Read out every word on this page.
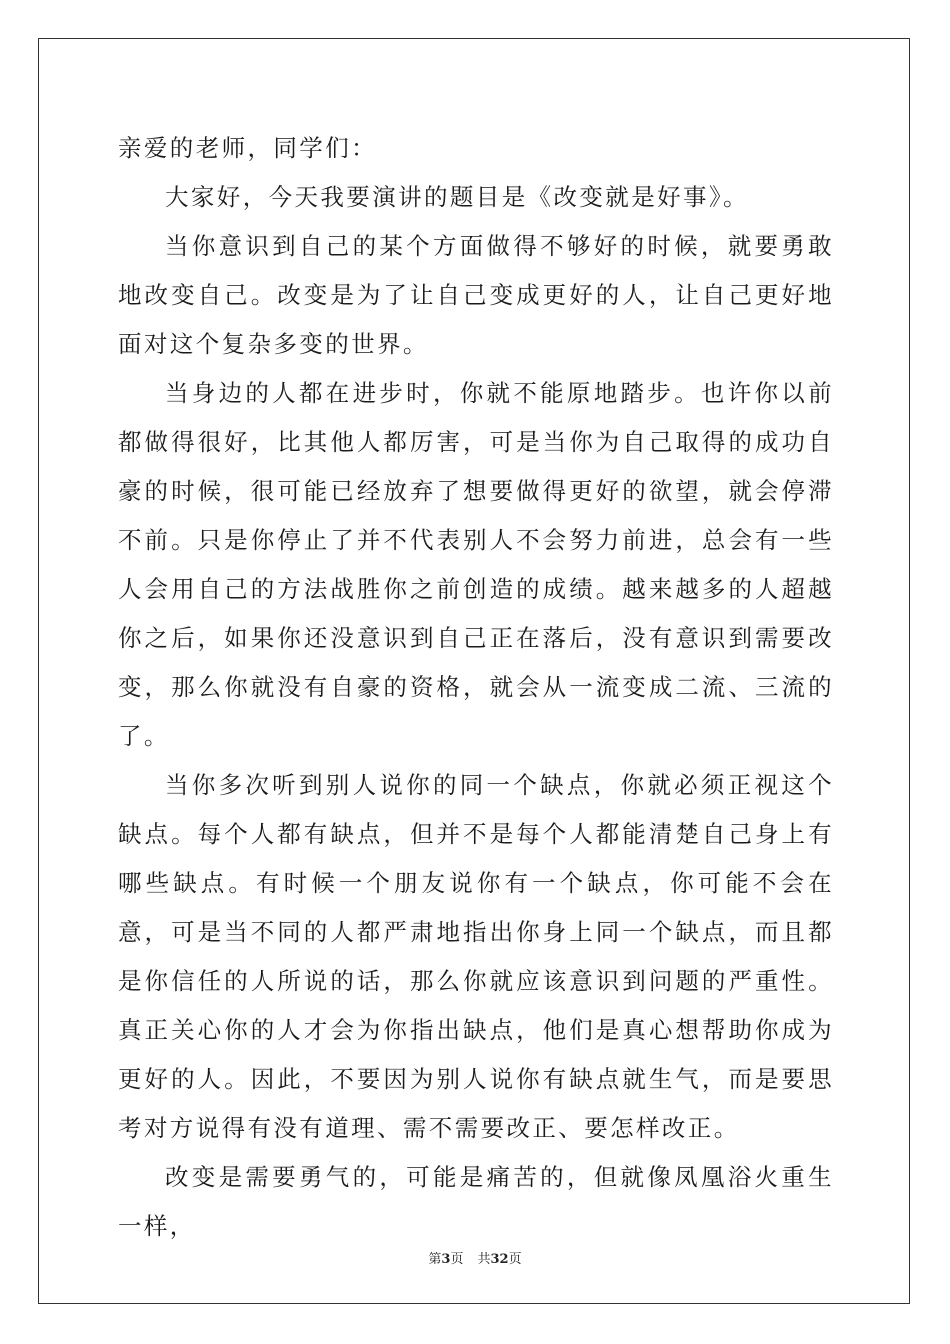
亲爱的老师，同学们：

大家好，今天我要演讲的题目是《改变就是好事》。

当你意识到自己的某个方面做得不够好的时候，就要勇敢地改变自己。改变是为了让自己变成更好的人，让自己更好地面对这个复杂多变的世界。

当身边的人都在进步时，你就不能原地踏步。也许你以前都做得很好，比其他人都厉害，可是当你为自己取得的成功自豪的时候，很可能已经放弃了想要做得更好的欲望，就会停滞不前。只是你停止了并不代表别人不会努力前进，总会有一些人会用自己的方法战胜你之前创造的成绩。越来越多的人超越你之后，如果你还没意识到自己正在落后，没有意识到需要改变，那么你就没有自豪的资格，就会从一流变成二流、三流的了。

当你多次听到别人说你的同一个缺点，你就必须正视这个缺点。每个人都有缺点，但并不是每个人都能清楚自己身上有哪些缺点。有时候一个朋友说你有一个缺点，你可能不会在意，可是当不同的人都严肃地指出你身上同一个缺点，而且都是你信任的人所说的话，那么你就应该意识到问题的严重性。真正关心你的人才会为你指出缺点，他们是真心想帮助你成为更好的人。因此，不要因为别人说你有缺点就生气，而是要思考对方说得有没有道理、需不需要改正、要怎样改正。

改变是需要勇气的，可能是痛苦的，但就像凤凰浴火重生一样，

第3页 共32页
